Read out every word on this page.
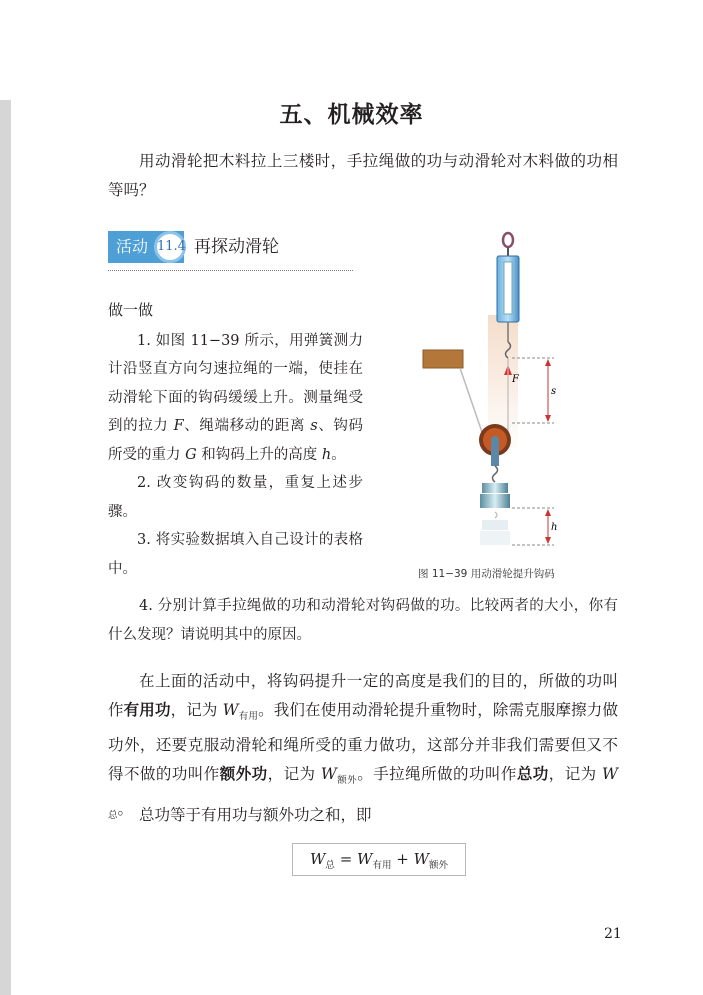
五、机械效率
用动滑轮把木料拉上三楼时，手拉绳做的功与动滑轮对木料做的功相等吗？
活动 11.4 再探动滑轮
做一做
1. 如图 11−39 所示，用弹簧测力计沿竖直方向匀速拉绳的一端，使挂在动滑轮下面的钩码缓缓上升。测量绳受到的拉力 F、绳端移动的距离 s、钩码所受的重力 G 和钩码上升的高度 h。
2. 改变钩码的数量，重复上述步骤。
3. 将实验数据填入自己设计的表格中。
4. 分别计算手拉绳做的功和动滑轮对钩码做的功。比较两者的大小，你有什么发现？请说明其中的原因。
F
s
h
图 11−39 用动滑轮提升钩码
在上面的活动中，将钩码提升一定的高度是我们的目的，所做的功叫作有用功，记为 $W_{有用}$。我们在使用动滑轮提升重物时，除需克服摩擦力做功外，还要克服动滑轮和绳所受的重力做功，这部分并非我们需要但又不得不做的功叫作额外功，记为 $W_{额外}$。手拉绳所做的功叫作总功，记为 $W_总$。 总功等于有用功与额外功之和，即
$W_总 = W_{有用} + W_{额外}$
21
